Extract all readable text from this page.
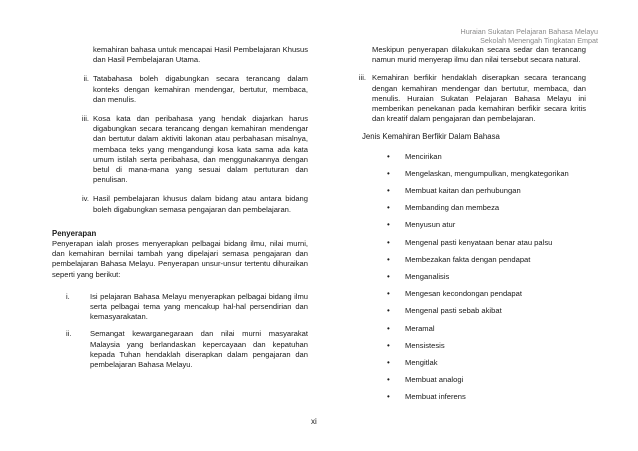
Huraian Sukatan Pelajaran Bahasa Melayu
Sekolah Menengah Tingkatan Empat

kemahiran bahasa untuk mencapai Hasil Pembelajaran Khusus dan Hasil Pembelajaran Utama.

ii. Tatabahasa boleh digabungkan secara terancang dalam konteks dengan kemahiran mendengar, bertutur, membaca, dan menulis.

iii. Kosa kata dan peribahasa yang hendak diajarkan harus digabungkan secara terancang dengan kemahiran mendengar dan bertutur dalam aktiviti lakonan atau perbahasan misalnya, membaca teks yang mengandungi kosa kata sama ada kata umum istilah serta peribahasa, dan menggunakannya dengan betul di mana-mana yang sesuai dalam pertuturan dan penulisan.

iv. Hasil pembelajaran khusus dalam bidang atau antara bidang boleh digabungkan semasa pengajaran dan pembelajaran.

Penyerapan

Penyerapan ialah proses menyerapkan pelbagai bidang ilmu, nilai murni, dan kemahiran bernilai tambah yang dipelajari semasa pengajaran dan pembelajaran Bahasa Melayu. Penyerapan unsur-unsur tertentu dihuraikan seperti yang berikut:

i.	Isi pelajaran Bahasa Melayu menyerapkan pelbagai bidang ilmu serta pelbagai tema yang mencakup hal-hal persendirian dan kemasyarakatan.

ii.	Semangat kewarganegaraan dan nilai murni masyarakat Malaysia yang berlandaskan kepercayaan dan kepatuhan kepada Tuhan hendaklah diserapkan dalam pengajaran dan pembelajaran Bahasa Melayu.

Meskipun penyerapan dilakukan secara sedar dan terancang namun murid menyerap ilmu dan nilai tersebut secara natural.

iii. Kemahiran berfikir hendaklah diserapkan secara terancang dengan kemahiran mendengar dan bertutur, membaca, dan menulis. Huraian Sukatan Pelajaran Bahasa Melayu ini memberikan penekanan pada kemahiran berfikir secara kritis dan kreatif dalam pengajaran dan pembelajaran.

Jenis Kemahiran Berfikir Dalam Bahasa

• Mencirikan
• Mengelaskan, mengumpulkan, mengkategorikan
• Membuat kaitan dan perhubungan
• Membanding dan membeza
• Menyusun atur
• Mengenal pasti kenyataan benar atau palsu
• Membezakan fakta dengan pendapat
• Menganalisis
• Mengesan kecondongan pendapat
• Mengenal pasti sebab akibat
• Meramal
• Mensistesis
• Mengitlak
• Membuat analogi
• Membuat inferens
xi
